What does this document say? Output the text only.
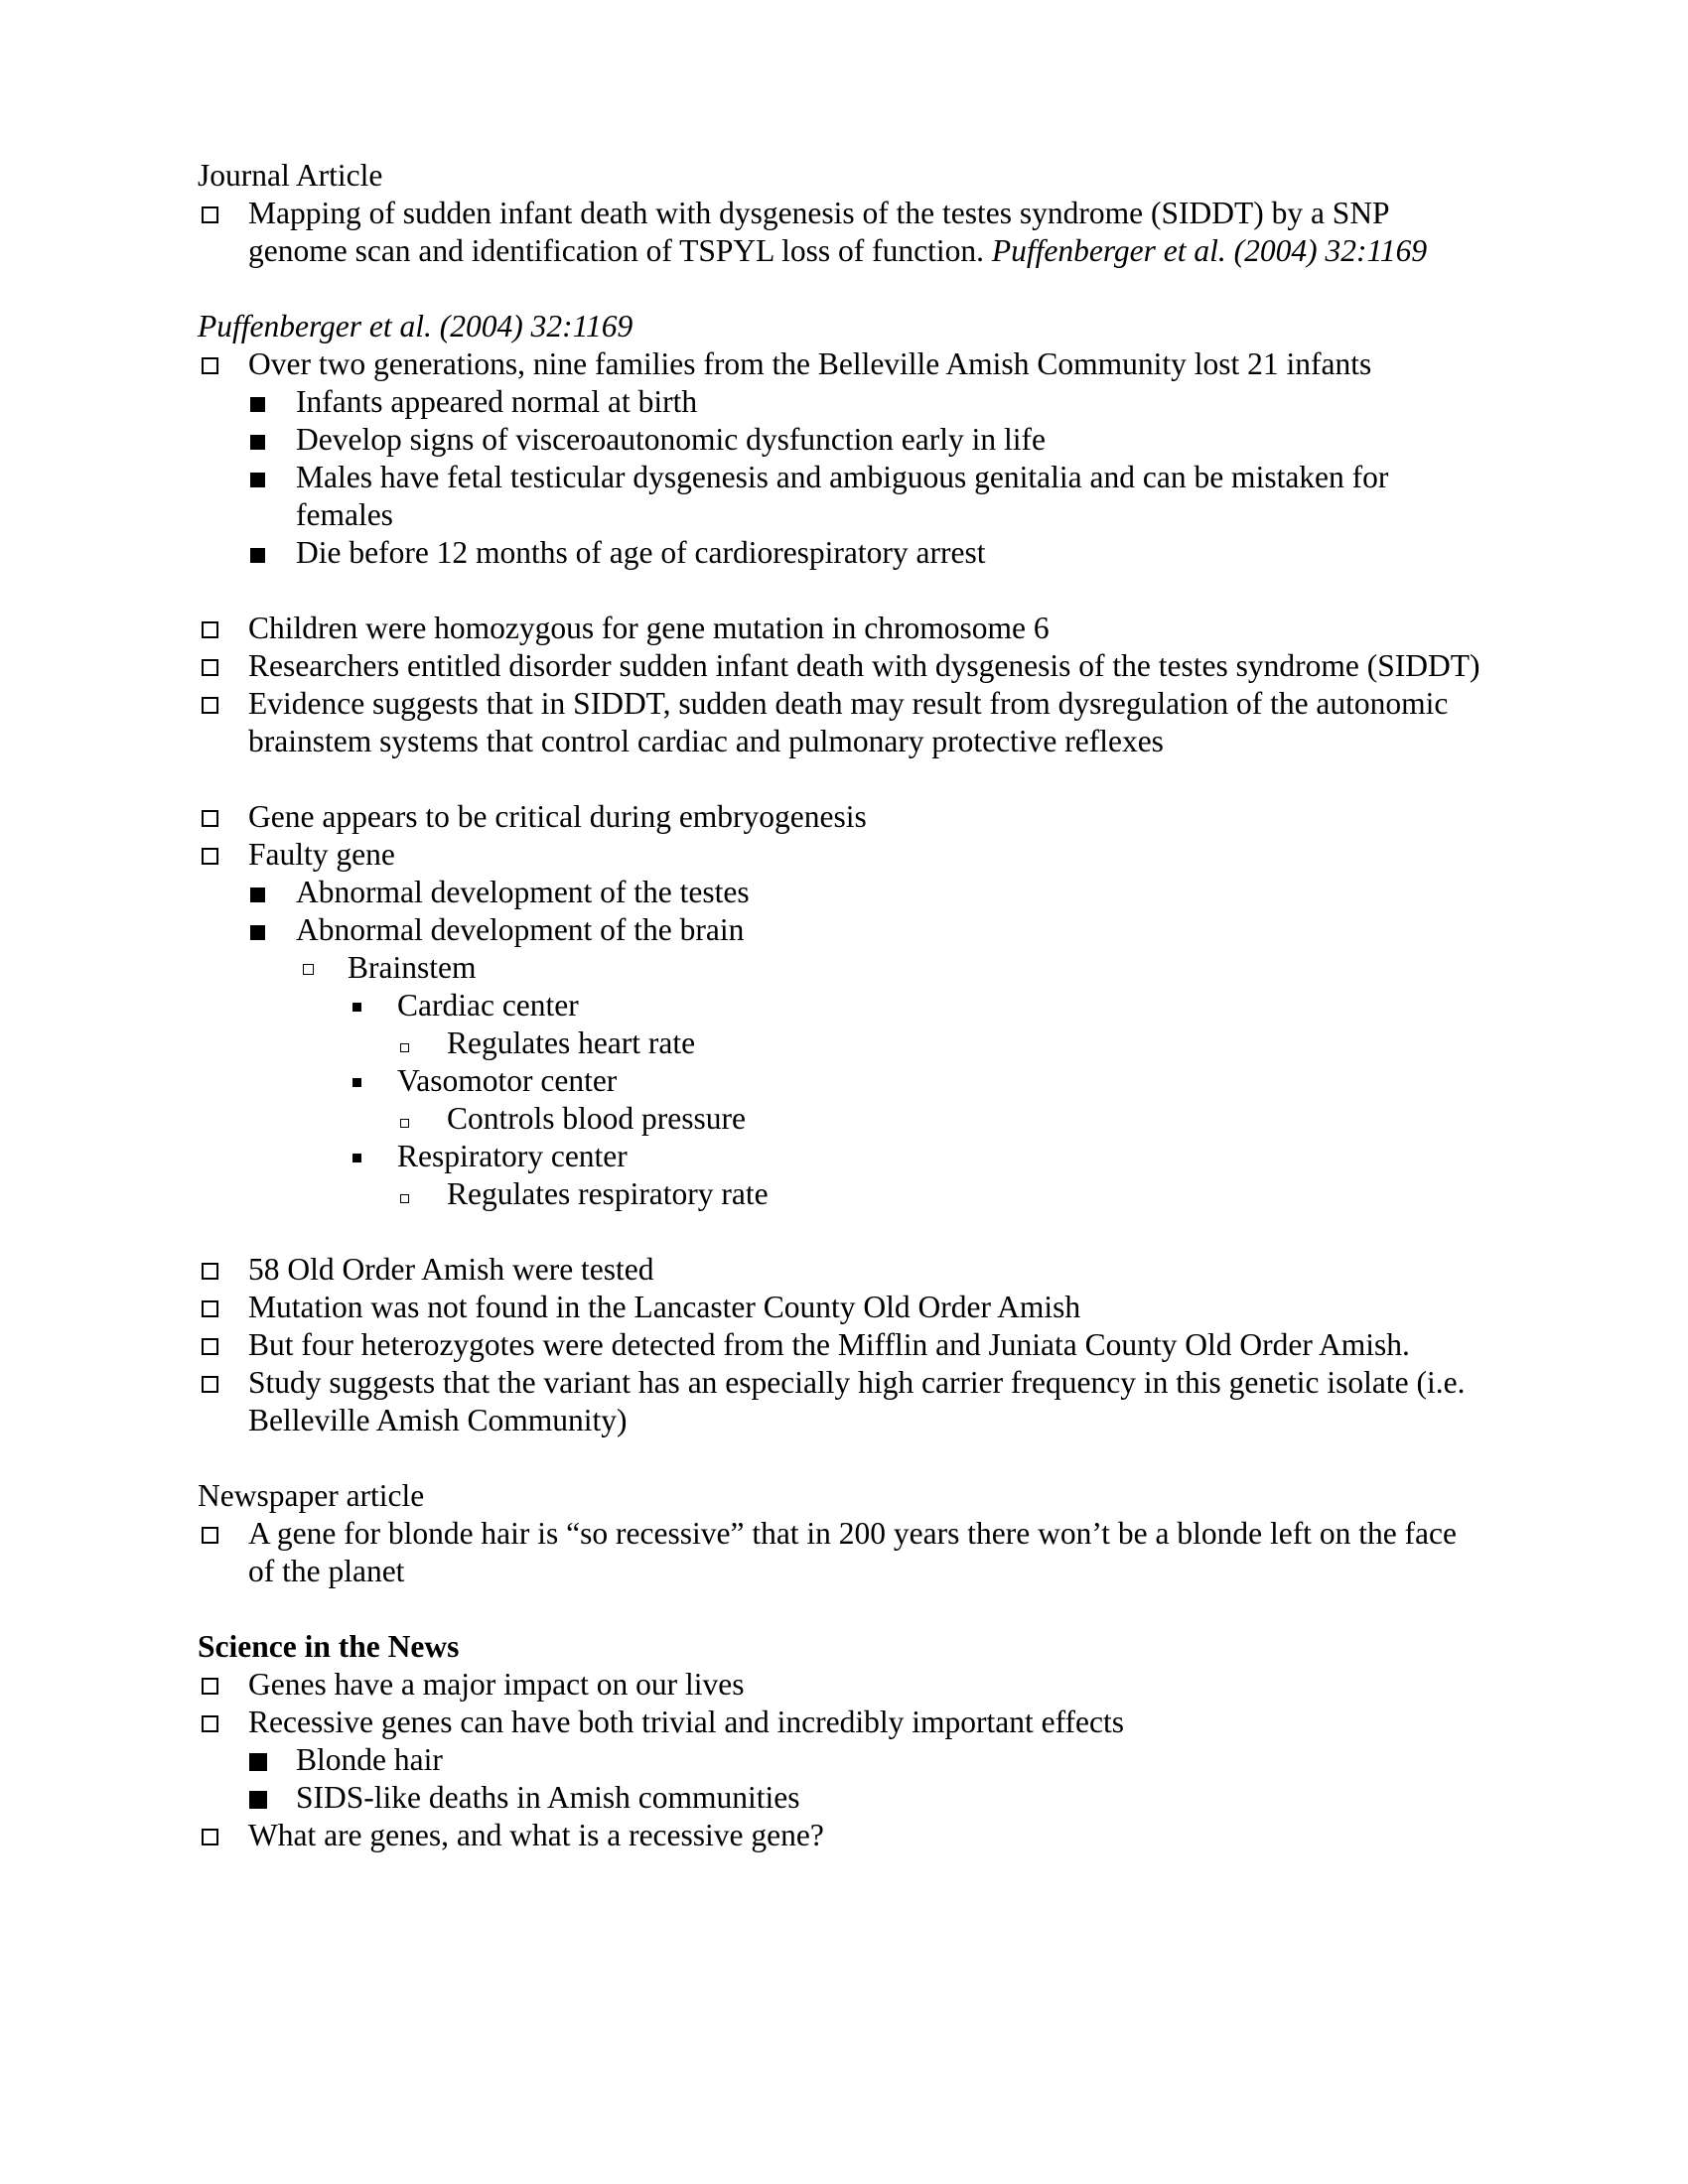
Journal Article
Mapping of sudden infant death with dysgenesis of the testes syndrome (SIDDT) by a SNP genome scan and identification of TSPYL loss of function. Puffenberger et al. (2004) 32:1169
Puffenberger et al. (2004) 32:1169
Over two generations, nine families from the Belleville Amish Community lost 21 infants
Infants appeared normal at birth
Develop signs of visceroautonomic dysfunction early in life
Males have fetal testicular dysgenesis and ambiguous genitalia and can be mistaken for females
Die before 12 months of age of cardiorespiratory arrest
Children were homozygous for gene mutation in chromosome 6
Researchers entitled disorder sudden infant death with dysgenesis of the testes syndrome (SIDDT)
Evidence suggests that in SIDDT, sudden death may result from dysregulation of the autonomic brainstem systems that control cardiac and pulmonary protective reflexes
Gene appears to be critical during embryogenesis
Faulty gene
Abnormal development of the testes
Abnormal development of the brain
Brainstem
Cardiac center
Regulates heart rate
Vasomotor center
Controls blood pressure
Respiratory center
Regulates respiratory rate
58 Old Order Amish were tested
Mutation was not found in the Lancaster County Old Order Amish
But four heterozygotes were detected from the Mifflin and Juniata County Old Order Amish.
Study suggests that the variant has an especially high carrier frequency in this genetic isolate (i.e. Belleville Amish Community)
Newspaper article
A gene for blonde hair is “so recessive” that in 200 years there won’t be a blonde left on the face of the planet
Science in the News
Genes have a major impact on our lives
Recessive genes can have both trivial and incredibly important effects
Blonde hair
SIDS-like deaths in Amish communities
What are genes, and what is a recessive gene?
